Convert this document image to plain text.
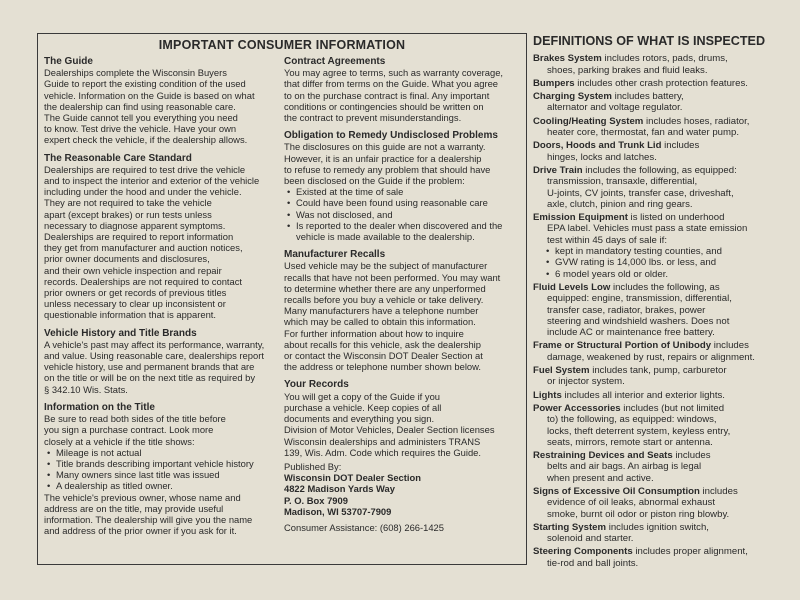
IMPORTANT CONSUMER INFORMATION

The Guide

Dealerships complete the Wisconsin Buyers
Guide to report the existing condition of the used
vehicle. Information on the Guide is based on what
the dealership can find using reasonable care.
The Guide cannot tell you everything you need
to know. Test drive the vehicle. Have your own
expert check the vehicle, if the dealership allows.

The Reasonable Care Standard

Dealerships are required to test drive the vehicle
and to inspect the interior and exterior of the vehicle
including under the hood and under the vehicle.
They are not required to take the vehicle
apart (except brakes) or run tests unless
necessary to diagnose apparent symptoms.
Dealerships are required to report information
they get from manufacturer and auction notices,
prior owner documents and disclosures,
and their own vehicle inspection and repair
records. Dealerships are not required to contact
prior owners or get records of previous titles
unless necessary to clear up inconsistent or
questionable information that is apparent.

Vehicle History and Title Brands

A vehicle's past may affect its performance, warranty,
and value. Using reasonable care, dealerships report
vehicle history, use and permanent brands that are
on the title or will be on the next title as required by
§ 342.10 Wis. Stats.

Information on the Title

Be sure to read both sides of the title before
you sign a purchase contract. Look more
closely at a vehicle if the title shows:
• Mileage is not actual
• Title brands describing important vehicle history
• Many owners since last title was issued
• A dealership as titled owner.
The vehicle's previous owner, whose name and
address are on the title, may provide useful
information. The dealership will give you the name
and address of the prior owner if you ask for it.

Contract Agreements

You may agree to terms, such as warranty coverage,
that differ from terms on the Guide. What you agree
to on the purchase contract is final. Any important
conditions or contingencies should be written on
the contract to prevent misunderstandings.

Obligation to Remedy Undisclosed Problems

The disclosures on this guide are not a warranty.
However, it is an unfair practice for a dealership
to refuse to remedy any problem that should have
been disclosed on the Guide if the problem:
• Existed at the time of sale
• Could have been found using reasonable care
• Was not disclosed, and
• Is reported to the dealer when discovered and the vehicle is made available to the dealership.

Manufacturer Recalls

Used vehicle may be the subject of manufacturer
recalls that have not been performed. You may want
to determine whether there are any unperformed
recalls before you buy a vehicle or take delivery.
Many manufacturers have a telephone number
which may be called to obtain this information.
For further information about how to inquire
about recalls for this vehicle, ask the dealership
or contact the Wisconsin DOT Dealer Section at
the address or telephone number shown below.

Your Records

You will get a copy of the Guide if you
purchase a vehicle. Keep copies of all
documents and everything you sign.
Division of Motor Vehicles, Dealer Section licenses
Wisconsin dealerships and administers TRANS
139, Wis. Adm. Code which requires the Guide.
Published By:
Wisconsin DOT Dealer Section
4822 Madison Yards Way
P. O. Box 7909
Madison, WI 53707-7909
Consumer Assistance: (608) 266-1425
DEFINITIONS OF WHAT IS INSPECTED
Brakes System includes rotors, pads, drums,
shoes, parking brakes and fluid leaks.
Bumpers includes other crash protection features.
Charging System includes battery,
alternator and voltage regulator.
Cooling/Heating System includes hoses, radiator,
heater core, thermostat, fan and water pump.
Doors, Hoods and Trunk Lid includes
hinges, locks and latches.
Drive Train includes the following, as equipped:
transmission, transaxle, differential,
U-joints, CV joints, transfer case, driveshaft,
axle, clutch, pinion and ring gears.
Emission Equipment is listed on underhood
EPA label. Vehicles must pass a state emission
test within 45 days of sale if:
• kept in mandatory testing counties, and
• GVW rating is 14,000 lbs. or less, and
• 6 model years old or older.
Fluid Levels Low includes the following, as
equipped: engine, transmission, differential,
transfer case, radiator, brakes, power
steering and windshield washers. Does not
include AC or maintenance free battery.
Frame or Structural Portion of Unibody includes
damage, weakened by rust, repairs or alignment.
Fuel System includes tank, pump, carburetor
or injector system.
Lights includes all interior and exterior lights.
Power Accessories includes (but not limited
to) the following, as equipped: windows,
locks, theft deterrent system, keyless entry,
seats, mirrors, remote start or antenna.
Restraining Devices and Seats includes
belts and air bags. An airbag is legal
when present and active.
Signs of Excessive Oil Consumption includes
evidence of oil leaks, abnormal exhaust
smoke, burnt oil odor or piston ring blowby.
Starting System includes ignition switch,
solenoid and starter.
Steering Components includes proper alignment,
tie-rod and ball joints.
